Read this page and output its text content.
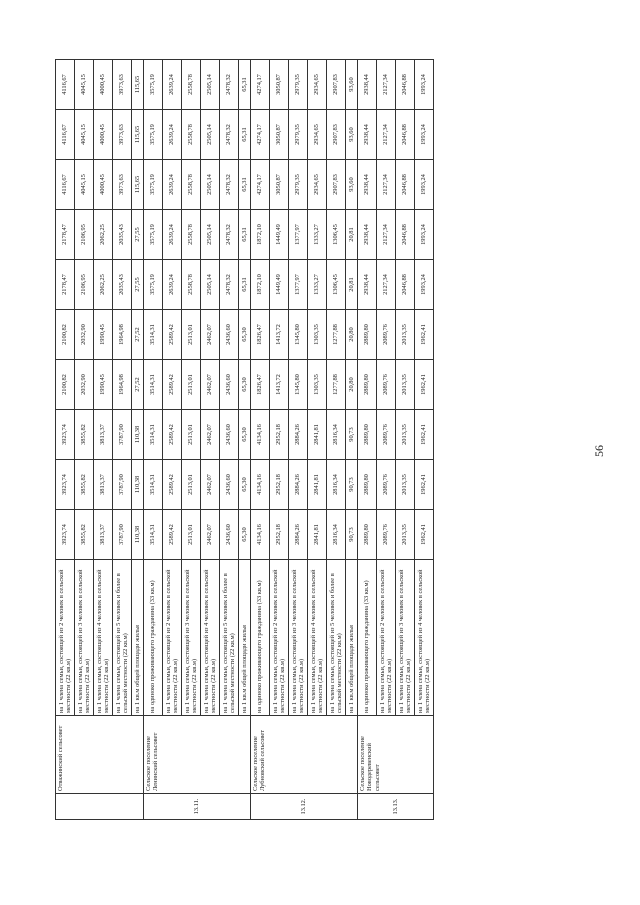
	Отважинский сельсовет	на 1 члена семьи, состоящей из 2 человек в сельской местности (22 кв.м)	3923,74	3923,74	3923,74	2100,82	2100,82	2178,47	2178,47	4116,67	4116,67	4116,67
		на 1 члена семьи, состоящей из 3 человек в сельской местности (22 кв.м)	3855,82	3855,82	3855,82	2032,90	2032,90	2106,95	2106,95	4045,15	4045,15	4045,15
		на 1 члена семьи, состоящей из 4 человек в сельской местности (22 кв.м)	3813,37	3813,37	3813,37	1990,45	1990,45	2062,25	2062,25	4000,45	4000,45	4000,45
		на 1 члена семьи, состоящей из 5 человек и более в сельской местности (22 кв.м)	3787,90	3787,90	3787,90	1964,98	1964,98	2035,43	2035,43	3973,63	3973,63	3973,63
		на 1 кв.м общей площади жилья	110,38	110,38	110,38	27,52	27,52	27,55	27,55	115,65	115,65	115,65
13.11.	Сельское поселение Ленинский сельсовет	на одиноко проживающего гражданина (33 кв.м)	3514,31	3514,31	3514,31	3514,31	3514,31	3575,19	3575,19	3575,19	3575,19	3575,19
		на 1 члена семьи, состоящей из 2 человек в сельской местности (22 кв.м)	2589,42	2589,42	2589,42	2589,42	2589,42	2639,24	2639,24	2639,24	2639,24	2639,24
		на 1 члена семьи, состоящей из 3 человек в сельской местности (22 кв.м)	2513,01	2513,01	2513,01	2513,01	2513,01	2558,78	2558,78	2558,78	2558,78	2558,78
		на 1 члена семьи, состоящей из 4 человек в сельской местности (22 кв.м)	2462,07	2462,07	2462,07	2462,07	2462,07	2505,14	2505,14	2505,14	2505,14	2505,14
		на 1 члена семьи, состоящей из 5 человек и более в сельской местности (22 кв.м)	2436,60	2436,60	2436,60	2436,60	2436,60	2478,32	2478,32	2478,32	2478,32	2478,32
		на 1 кв.м общей площади жилья	65,30	65,30	65,30	65,30	65,30	65,31	65,31	65,31	65,31	65,31
13.12.	Сельское поселение Лубновский сельсовет	на одиноко проживающего гражданина (33 кв.м)	4134,16	4134,16	4134,16	1826,47	1826,47	1872,10	1872,10	4274,17	4274,17	4274,17
		на 1 члена семьи, состоящей из 2 человек в сельской местности (22 кв.м)	2952,18	2952,18	2952,18	1413,72	1413,72	1449,49	1449,49	3050,87	3050,87	3050,87
		на 1 члена семьи, состоящей из 3 человек в сельской местности (22 кв.м)	2884,26	2884,26	2884,26	1345,80	1345,80	1377,97	1377,97	2979,35	2979,35	2979,35
		на 1 члена семьи, состоящей из 4 человек в сельской местности (22 кв.м)	2841,81	2841,81	2841,81	1303,35	1303,35	1333,27	1333,27	2934,65	2934,65	2934,65
		на 1 члена семьи, состоящей из 5 человек и более в сельской местности (22 кв.м)	2816,34	2816,34	2816,34	1277,88	1277,88	1306,45	1306,45	2907,83	2907,83	2907,83
		на 1 кв.м общей площади жилья	90,73	90,73	90,73	20,80	20,80	20,81	20,81	93,60	93,60	93,60
13.13.	Сельское поселение Новодеревенский сельсовет	на одиноко проживающего гражданина (33 кв.м)	2889,80	2889,80	2889,80	2889,80	2889,80	2938,44	2938,44	2938,44	2938,44	2938,44
		на 1 члена семьи, состоящей из 2 человек в сельской местности (22 кв.м)	2089,76	2089,76	2089,76	2089,76	2089,76	2127,34	2127,34	2127,34	2127,34	2127,34
		на 1 члена семьи, состоящей из 3 человек в сельской местности (22 кв.м)	2013,35	2013,35	2013,35	2013,35	2013,35	2046,88	2046,88	2046,88	2046,88	2046,88
		на 1 члена семьи, состоящей из 4 человек в сельской местности (22 кв.м)	1962,41	1962,41	1962,41	1962,41	1962,41	1993,24	1993,24	1993,24	1993,24	1993,24
56
